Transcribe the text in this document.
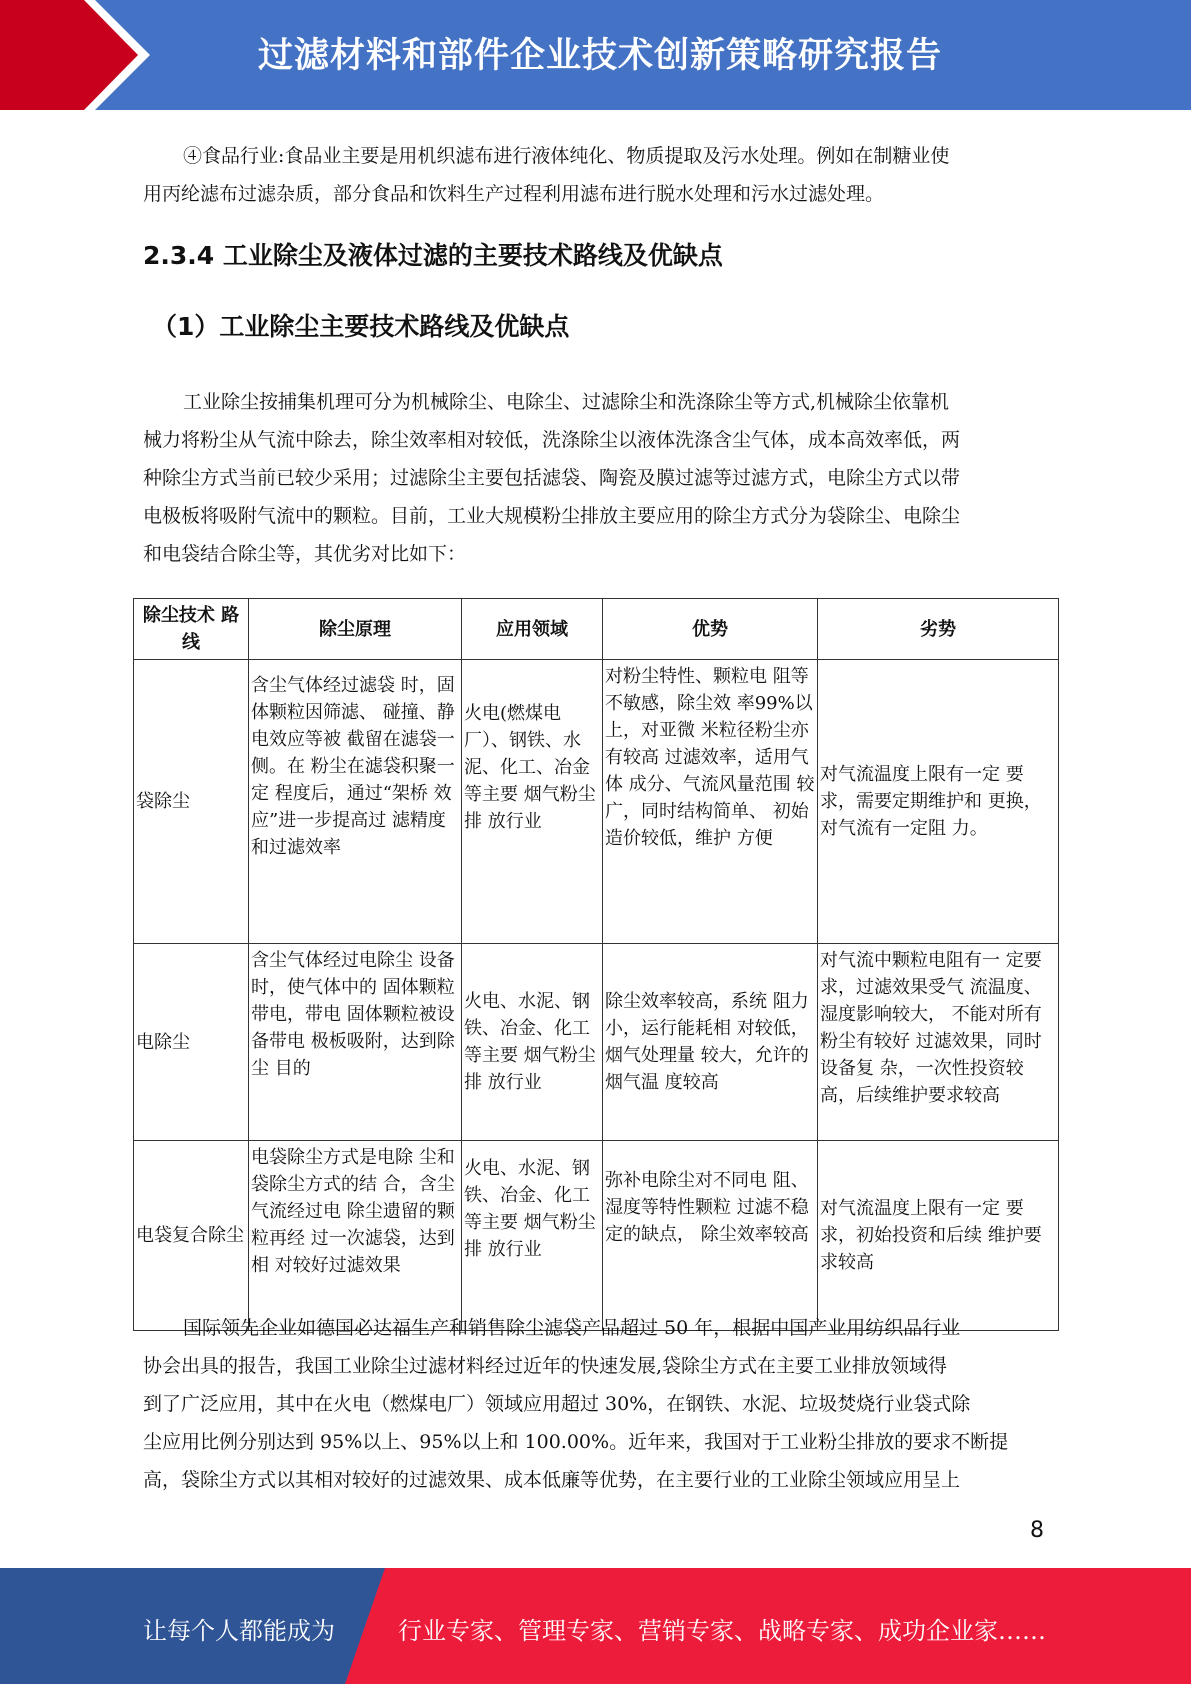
过滤材料和部件企业技术创新策略研究报告
④食品行业:食品业主要是用机织滤布进行液体纯化、物质提取及污水处理。例如在制糖业使
用丙纶滤布过滤杂质，部分食品和饮料生产过程利用滤布进行脱水处理和污水过滤处理。
2.3.4 工业除尘及液体过滤的主要技术路线及优缺点
（1）工业除尘主要技术路线及优缺点
工业除尘按捕集机理可分为机械除尘、电除尘、过滤除尘和洗涤除尘等方式,机械除尘依靠机
械力将粉尘从气流中除去，除尘效率相对较低，洗涤除尘以液体洗涤含尘气体，成本高效率低，两
种除尘方式当前已较少采用；过滤除尘主要包括滤袋、陶瓷及膜过滤等过滤方式，电除尘方式以带
电极板将吸附气流中的颗粒。目前，工业大规模粉尘排放主要应用的除尘方式分为袋除尘、电除尘
和电袋结合除尘等，其优劣对比如下：
除尘技术 路线	除尘原理	应用领域	优势	劣势
袋除尘	含尘气体经过滤袋 时，固体颗粒因筛滤、 碰撞、静电效应等被 截留在滤袋一侧。在 粉尘在滤袋积聚一定 程度后，通过“架桥 效应”进一步提高过 滤精度和过滤效率	火电(燃煤电厂）、钢铁、水泥、化工、冶金等主要 烟气粉尘排 放行业	对粉尘特性、颗粒电 阻等不敏感，除尘效 率99%以上，对亚微 米粒径粉尘亦有较高 过滤效率，适用气体 成分、气流风量范围 较广，同时结构简单、 初始造价较低，维护 方便	对气流温度上限有一定 要求，需要定期维护和 更换，对气流有一定阻 力。
电除尘	含尘气体经过电除尘 设备时，使气体中的 固体颗粒带电，带电 固体颗粒被设备带电 极板吸附，达到除尘 目的	火电、水泥、钢铁、冶金、化工等主要 烟气粉尘排 放行业	除尘效率较高，系统 阻力小，运行能耗相 对较低，烟气处理量 较大，允许的烟气温 度较高	对气流中颗粒电阻有一 定要求，过滤效果受气 流温度、湿度影响较大， 不能对所有粉尘有较好 过滤效果，同时设备复 杂，一次性投资较高，后续维护要求较高
电袋复合除尘	电袋除尘方式是电除 尘和袋除尘方式的结 合，含尘气流经过电 除尘遗留的颗粒再经 过一次滤袋，达到相 对较好过滤效果	火电、水泥、钢铁、冶金、化工等主要 烟气粉尘排 放行业	弥补电除尘对不同电 阻、湿度等特性颗粒 过滤不稳定的缺点， 除尘效率较高	对气流温度上限有一定 要求，初始投资和后续 维护要求较高
国际领先企业如德国必达福生产和销售除尘滤袋产品超过 50 年，根据中国产业用纺织品行业
协会出具的报告，我国工业除尘过滤材料经过近年的快速发展,袋除尘方式在主要工业排放领域得
到了广泛应用，其中在火电（燃煤电厂）领域应用超过 30%，在钢铁、水泥、垃圾焚烧行业袋式除
尘应用比例分别达到 95%以上、95%以上和 100.00%。近年来，我国对于工业粉尘排放的要求不断提
高，袋除尘方式以其相对较好的过滤效果、成本低廉等优势，在主要行业的工业除尘领域应用呈上
8
让每个人都能成为	行业专家、管理专家、营销专家、战略专家、成功企业家……
